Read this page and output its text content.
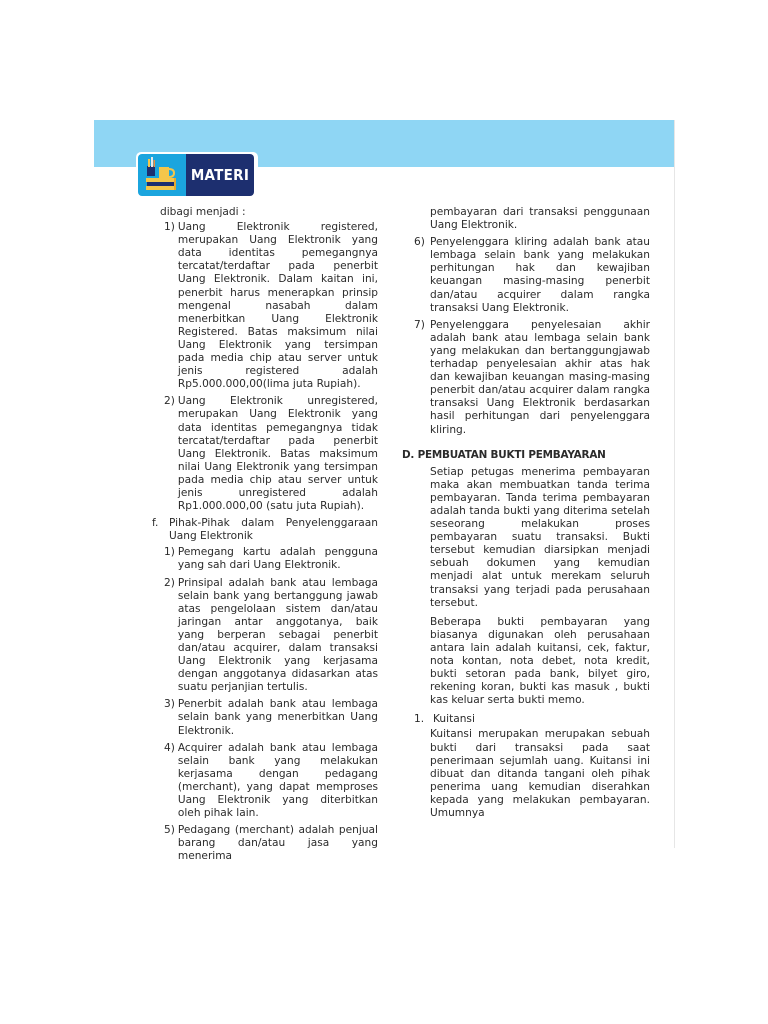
MATERI

dibagi menjadi :

1) Uang Elektronik registered, merupakan Uang Elektronik yang data identitas pemegangnya tercatat/terdaftar pada penerbit Uang Elektronik. Dalam kaitan ini, penerbit harus menerapkan prinsip mengenal nasabah dalam menerbitkan Uang Elektronik Registered. Batas maksimum nilai Uang Elektronik yang tersimpan pada media chip atau server untuk jenis registered adalah Rp5.000.000,00(lima juta Rupiah).
2) Uang Elektronik unregistered, merupakan Uang Elektronik yang data identitas pemegangnya tidak tercatat/terdaftar pada penerbit Uang Elektronik. Batas maksimum nilai Uang Elektronik yang tersimpan pada media chip atau server untuk jenis unregistered adalah Rp1.000.000,00 (satu juta Rupiah).
f.	Pihak-Pihak dalam Penyelenggaraan Uang Elektronik
1) Pemegang kartu adalah pengguna yang sah dari Uang Elektronik.
2) Prinsipal adalah bank atau lembaga selain bank yang bertanggung jawab atas pengelolaan sistem dan/atau jaringan antar anggotanya, baik yang berperan sebagai penerbit dan/atau acquirer, dalam transaksi Uang Elektronik yang kerjasama dengan anggotanya didasarkan atas suatu perjanjian tertulis.
3) Penerbit adalah bank atau lembaga selain bank yang menerbitkan Uang Elektronik.
4) Acquirer adalah bank atau lembaga selain bank yang melakukan kerjasama dengan pedagang (merchant), yang dapat memproses Uang Elektronik yang diterbitkan oleh pihak lain.
5) Pedagang (merchant) adalah penjual barang dan/atau jasa yang menerima

pembayaran dari transaksi penggunaan Uang Elektronik.

6) Penyelenggara kliring adalah bank atau lembaga selain bank yang melakukan perhitungan hak dan kewajiban keuangan masing-masing penerbit dan/atau acquirer dalam rangka transaksi Uang Elektronik.
7) Penyelenggara penyelesaian akhir adalah bank atau lembaga selain bank yang melakukan dan bertanggungjawab terhadap penyelesaian akhir atas hak dan kewajiban keuangan masing-masing penerbit dan/atau acquirer dalam rangka transaksi Uang Elektronik berdasarkan hasil perhitungan dari penyelenggara kliring.

D. PEMBUATAN BUKTI PEMBAYARAN

Setiap petugas menerima pembayaran maka akan membuatkan tanda terima pembayaran. Tanda terima pembayaran adalah tanda bukti yang diterima setelah seseorang melakukan proses pembayaran suatu transaksi. Bukti tersebut kemudian diarsipkan menjadi sebuah dokumen yang kemudian menjadi alat untuk merekam seluruh transaksi yang terjadi pada perusahaan tersebut.

Beberapa bukti pembayaran yang biasanya digunakan oleh perusahaan antara lain adalah kuitansi, cek, faktur, nota kontan, nota debet, nota kredit, bukti setoran pada bank, bilyet giro, rekening koran, bukti kas masuk , bukti kas keluar serta bukti memo.

1. Kuitansi

Kuitansi merupakan merupakan sebuah bukti dari transaksi pada saat penerimaan sejumlah uang. Kuitansi ini dibuat dan ditanda tangani oleh pihak penerima uang kemudian diserahkan kepada yang melakukan pembayaran. Umumnya
